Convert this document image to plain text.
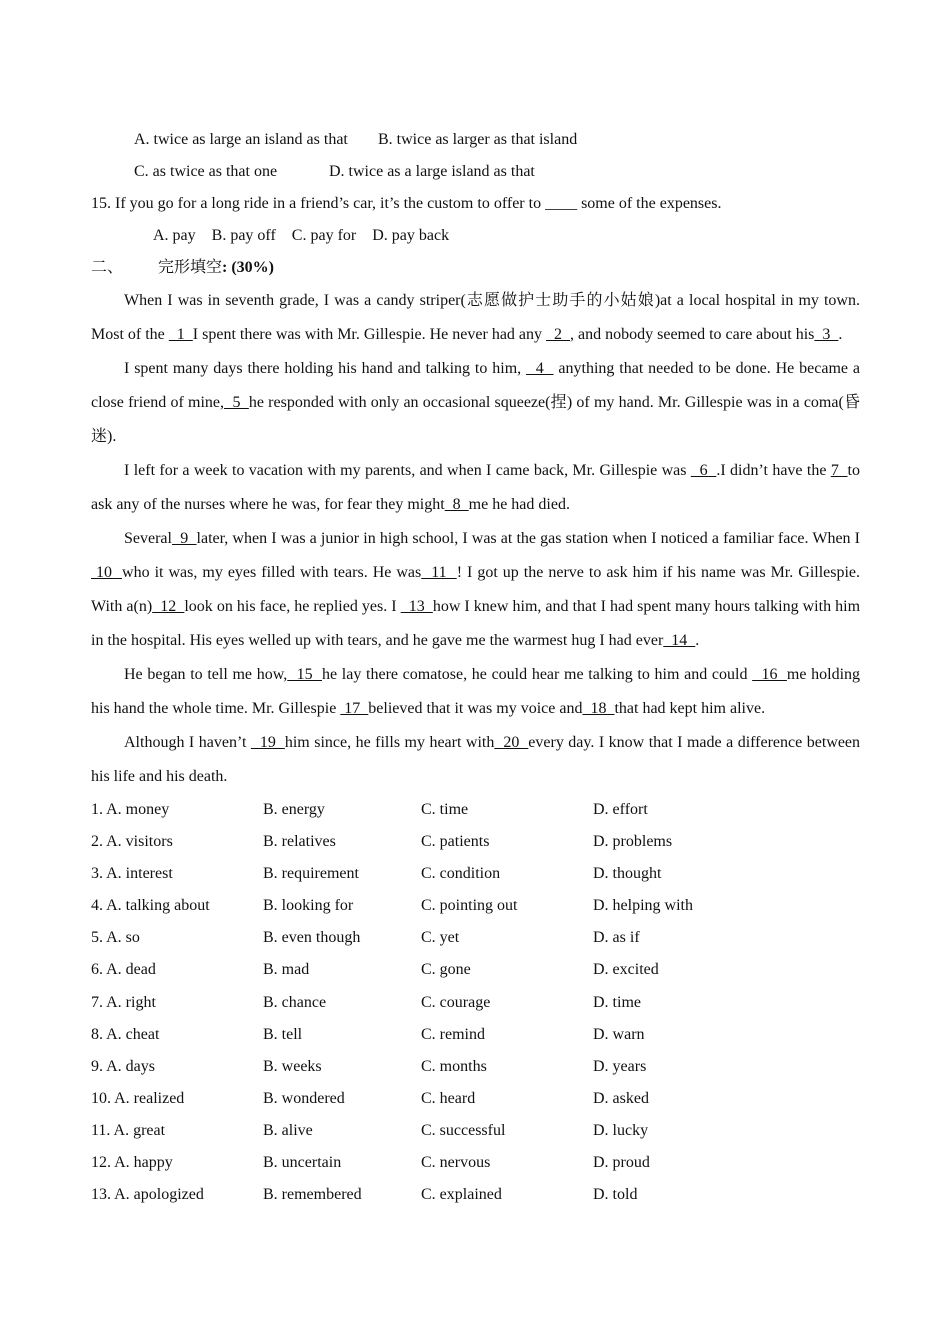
A. twice as large an island as that B. twice as larger as that island
C. as twice as that one	D. twice as a large island as that
15. If you go for a long ride in a friend’s car, it’s the custom to offer to ____ some of the expenses.
A. pay    B. pay off    C. pay for    D. pay back
二、 完形填空: (30%)

When I was in seventh grade, I was a candy striper(志愿做护士助手的小姑娘)at a local hospital in my town. Most of the   1  I spent there was with Mr. Gillespie. He never had any   2  , and nobody seemed to care about his  3  .

I spent many days there holding his hand and talking to him,   4   anything that needed to be done. He became a close friend of mine,  5  he responded with only an occasional squeeze(捏) of my hand. Mr. Gillespie was in a coma(昏迷).

I left for a week to vacation with my parents, and when I came back, Mr. Gillespie was   6  .I didn’t have the 7  to ask any of the nurses where he was, for fear they might  8  me he had died.

Several  9  later, when I was a junior in high school, I was at the gas station when I noticed a familiar face. When I  10  who it was, my eyes filled with tears. He was  11  ! I got up the nerve to ask him if his name was Mr. Gillespie. With a(n)  12  look on his face, he replied yes. I   13  how I knew him, and that I had spent many hours talking with him in the hospital. His eyes welled up with tears, and he gave me the warmest hug I had ever  14  .

He began to tell me how,  15  he lay there comatose, he could hear me talking to him and could   16  me holding his hand the whole time. Mr. Gillespie  17  believed that it was my voice and  18  that had kept him alive.

Although I haven’t   19  him since, he fills my heart with  20  every day. I know that I made a difference between his life and his death.

1. A. money	B. energy	C. time	D. effort
2. A. visitors	B. relatives	C. patients	D. problems
3. A. interest	B. requirement	C. condition	D. thought
4. A. talking about	B. looking for	C. pointing out	D. helping with
5. A. so	B. even though	C. yet	D. as if
6. A. dead	B. mad	C. gone	D. excited
7. A. right	B. chance	C. courage	D. time
8. A. cheat	B. tell	C. remind	D. warn
9. A. days	B. weeks	C. months	D. years
10. A. realized	B. wondered	C. heard	D. asked
11. A. great	B. alive	C. successful	D. lucky
12. A. happy	B. uncertain	C. nervous	D. proud
13. A. apologized	B. remembered	C. explained	D. told
